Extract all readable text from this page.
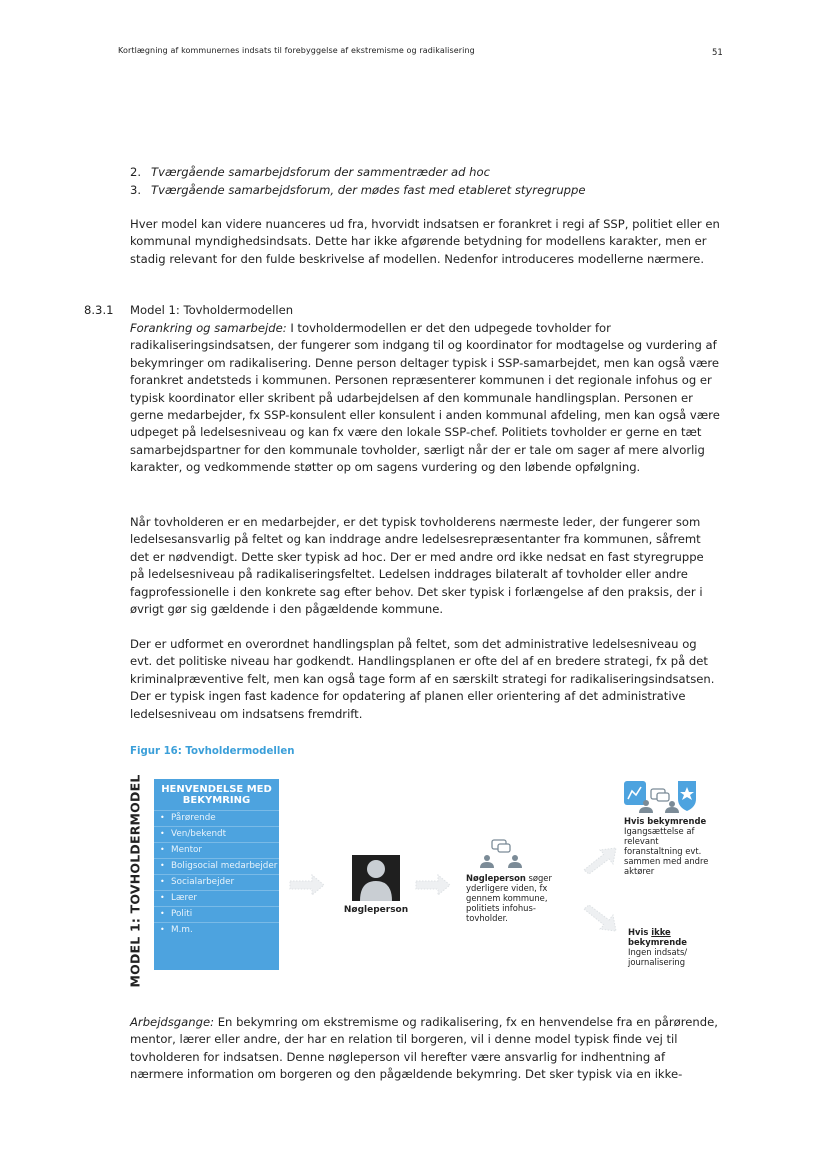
Kortlægning af kommunernes indsats til forebyggelse af ekstremisme og radikalisering	51
2. Tværgående samarbejdsforum der sammentræder ad hoc
3. Tværgående samarbejdsforum, der mødes fast med etableret styregruppe

Hver model kan videre nuanceres ud fra, hvorvidt indsatsen er forankret i regi af SSP, politiet eller en kommunal myndighedsindsats. Dette har ikke afgørende betydning for modellens karakter, men er stadig relevant for den fulde beskrivelse af modellen. Nedenfor introduceres modellerne nærmere.

8.3.1 Model 1: Tovholdermodellen

Forankring og samarbejde: I tovholdermodellen er det den udpegede tovholder for radikaliseringsindsatsen, der fungerer som indgang til og koordinator for modtagelse og vurdering af bekymringer om radikalisering. Denne person deltager typisk i SSP-samarbejdet, men kan også være forankret andetsteds i kommunen. Personen repræsenterer kommunen i det regionale infohus og er typisk koordinator eller skribent på udarbejdelsen af den kommunale handlingsplan. Personen er gerne medarbejder, fx SSP-konsulent eller konsulent i anden kommunal afdeling, men kan også være udpeget på ledelsesniveau og kan fx være den lokale SSP-chef. Politiets tovholder er gerne en tæt samarbejdspartner for den kommunale tovholder, særligt når der er tale om sager af mere alvorlig karakter, og vedkommende støtter op om sagens vurdering og den løbende opfølgning.

Når tovholderen er en medarbejder, er det typisk tovholderens nærmeste leder, der fungerer som ledelsesansvarlig på feltet og kan inddrage andre ledelsesrepræsentanter fra kommunen, såfremt det er nødvendigt. Dette sker typisk ad hoc. Der er med andre ord ikke nedsat en fast styregruppe på ledelsesniveau på radikaliseringsfeltet. Ledelsen inddrages bilateralt af tovholder eller andre fagprofessionelle i den konkrete sag efter behov. Det sker typisk i forlængelse af den praksis, der i øvrigt gør sig gældende i den pågældende kommune.

Der er udformet en overordnet handlingsplan på feltet, som det administrative ledelsesniveau og evt. det politiske niveau har godkendt. Handlingsplanen er ofte del af en bredere strategi, fx på det kriminalpræventive felt, men kan også tage form af en særskilt strategi for radikaliseringsindsatsen. Der er typisk ingen fast kadence for opdatering af planen eller orientering af det administrative ledelsesniveau om indsatsens fremdrift.

Figur 16: Tovholdermodellen
MODEL 1: TOVHOLDERMODEL	HENVENDELSE MED BEKYMRING
• Pårørende
• Ven/bekendt
• Mentor
• Boligsocial medarbejder
• Socialarbejder
• Lærer
• Politi
• M.m.
Nøgleperson
Nøgleperson søger yderligere viden, fx gennem kommune, politiets infohus-tovholder.
Hvis bekymrende
Igangsættelse af relevant foranstaltning evt. sammen med andre aktører
Hvis ikke bekymrende
Ingen indsats/ journalisering

Arbejdsgange: En bekymring om ekstremisme og radikalisering, fx en henvendelse fra en pårørende, mentor, lærer eller andre, der har en relation til borgeren, vil i denne model typisk finde vej til tovholderen for indsatsen. Denne nøgleperson vil herefter være ansvarlig for indhentning af nærmere information om borgeren og den pågældende bekymring. Det sker typisk via en ikke-
